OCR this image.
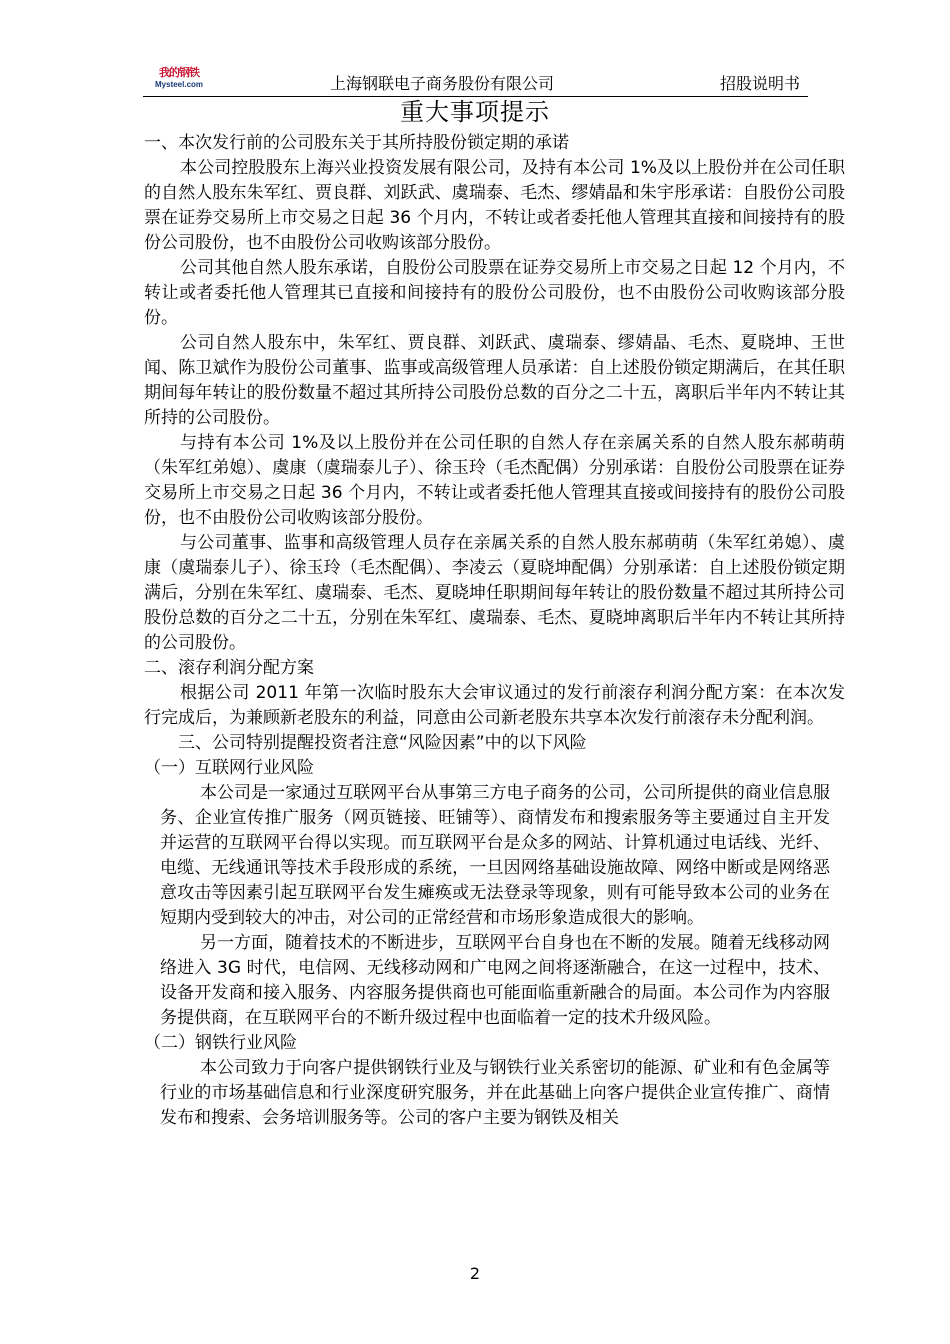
我的钢铁
Mysteel.com	上海钢联电子商务股份有限公司	招股说明书
重大事项提示

一、本次发行前的公司股东关于其所持股份锁定期的承诺

本公司控股股东上海兴业投资发展有限公司，及持有本公司 1%及以上股份并在公司任职的自然人股东朱军红、贾良群、刘跃武、虞瑞泰、毛杰、缪婧晶和朱宇彤承诺：自股份公司股票在证券交易所上市交易之日起 36 个月内，不转让或者委托他人管理其直接和间接持有的股份公司股份，也不由股份公司收购该部分股份。

公司其他自然人股东承诺，自股份公司股票在证券交易所上市交易之日起 12 个月内，不转让或者委托他人管理其已直接和间接持有的股份公司股份，也不由股份公司收购该部分股份。

公司自然人股东中，朱军红、贾良群、刘跃武、虞瑞泰、缪婧晶、毛杰、夏晓坤、王世闻、陈卫斌作为股份公司董事、监事或高级管理人员承诺：自上述股份锁定期满后，在其任职期间每年转让的股份数量不超过其所持公司股份总数的百分之二十五，离职后半年内不转让其所持的公司股份。

与持有本公司 1%及以上股份并在公司任职的自然人存在亲属关系的自然人股东郝萌萌（朱军红弟媳）、虞康（虞瑞泰儿子）、徐玉玲（毛杰配偶）分别承诺：自股份公司股票在证券交易所上市交易之日起 36 个月内，不转让或者委托他人管理其直接或间接持有的股份公司股份，也不由股份公司收购该部分股份。

与公司董事、监事和高级管理人员存在亲属关系的自然人股东郝萌萌（朱军红弟媳）、虞康（虞瑞泰儿子）、徐玉玲（毛杰配偶）、李凌云（夏晓坤配偶）分别承诺：自上述股份锁定期满后，分别在朱军红、虞瑞泰、毛杰、夏晓坤任职期间每年转让的股份数量不超过其所持公司股份总数的百分之二十五，分别在朱军红、虞瑞泰、毛杰、夏晓坤离职后半年内不转让其所持的公司股份。

二、滚存利润分配方案

根据公司 2011 年第一次临时股东大会审议通过的发行前滚存利润分配方案：在本次发行完成后，为兼顾新老股东的利益，同意由公司新老股东共享本次发行前滚存未分配利润。

三、公司特别提醒投资者注意“风险因素”中的以下风险

（一）互联网行业风险

本公司是一家通过互联网平台从事第三方电子商务的公司，公司所提供的商业信息服务、企业宣传推广服务（网页链接、旺铺等）、商情发布和搜索服务等主要通过自主开发并运营的互联网平台得以实现。而互联网平台是众多的网站、计算机通过电话线、光纤、电缆、无线通讯等技术手段形成的系统，一旦因网络基础设施故障、网络中断或是网络恶意攻击等因素引起互联网平台发生瘫痪或无法登录等现象，则有可能导致本公司的业务在短期内受到较大的冲击，对公司的正常经营和市场形象造成很大的影响。

另一方面，随着技术的不断进步，互联网平台自身也在不断的发展。随着无线移动网络进入 3G 时代，电信网、无线移动网和广电网之间将逐渐融合，在这一过程中，技术、设备开发商和接入服务、内容服务提供商也可能面临重新融合的局面。本公司作为内容服务提供商，在互联网平台的不断升级过程中也面临着一定的技术升级风险。

（二）钢铁行业风险

本公司致力于向客户提供钢铁行业及与钢铁行业关系密切的能源、矿业和有色金属等行业的市场基础信息和行业深度研究服务，并在此基础上向客户提供企业宣传推广、商情发布和搜索、会务培训服务等。公司的客户主要为钢铁及相关

2
